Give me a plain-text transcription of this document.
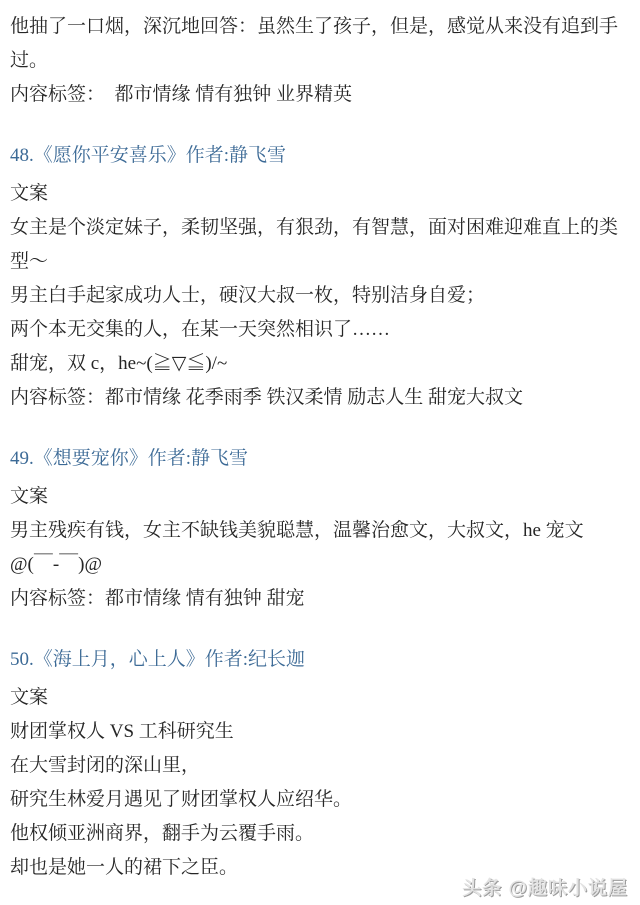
他抽了一口烟，深沉地回答：虽然生了孩子，但是，感觉从来没有追到手过。

内容标签：  都市情缘 情有独钟 业界精英

48.《愿你平安喜乐》作者:静飞雪

文案

女主是个淡定妹子，柔韧坚强，有狠劲，有智慧，面对困难迎难直上的类型～

男主白手起家成功人士，硬汉大叔一枚，特别洁身自爱；

两个本无交集的人，在某一天突然相识了……

甜宠，双 c，he~(≧▽≦)/~

内容标签：都市情缘 花季雨季 铁汉柔情 励志人生 甜宠大叔文

49.《想要宠你》作者:静飞雪

文案

男主残疾有钱，女主不缺钱美貌聪慧，温馨治愈文，大叔文，he 宠文@(￣-￣)@

内容标签：都市情缘 情有独钟 甜宠

50.《海上月，心上人》作者:纪长迦

文案

财团掌权人 VS 工科研究生

在大雪封闭的深山里，

研究生林爱月遇见了财团掌权人应绍华。

他权倾亚洲商界，翻手为云覆手雨。

却也是她一人的裙下之臣。

头条 @趣味小说屋
